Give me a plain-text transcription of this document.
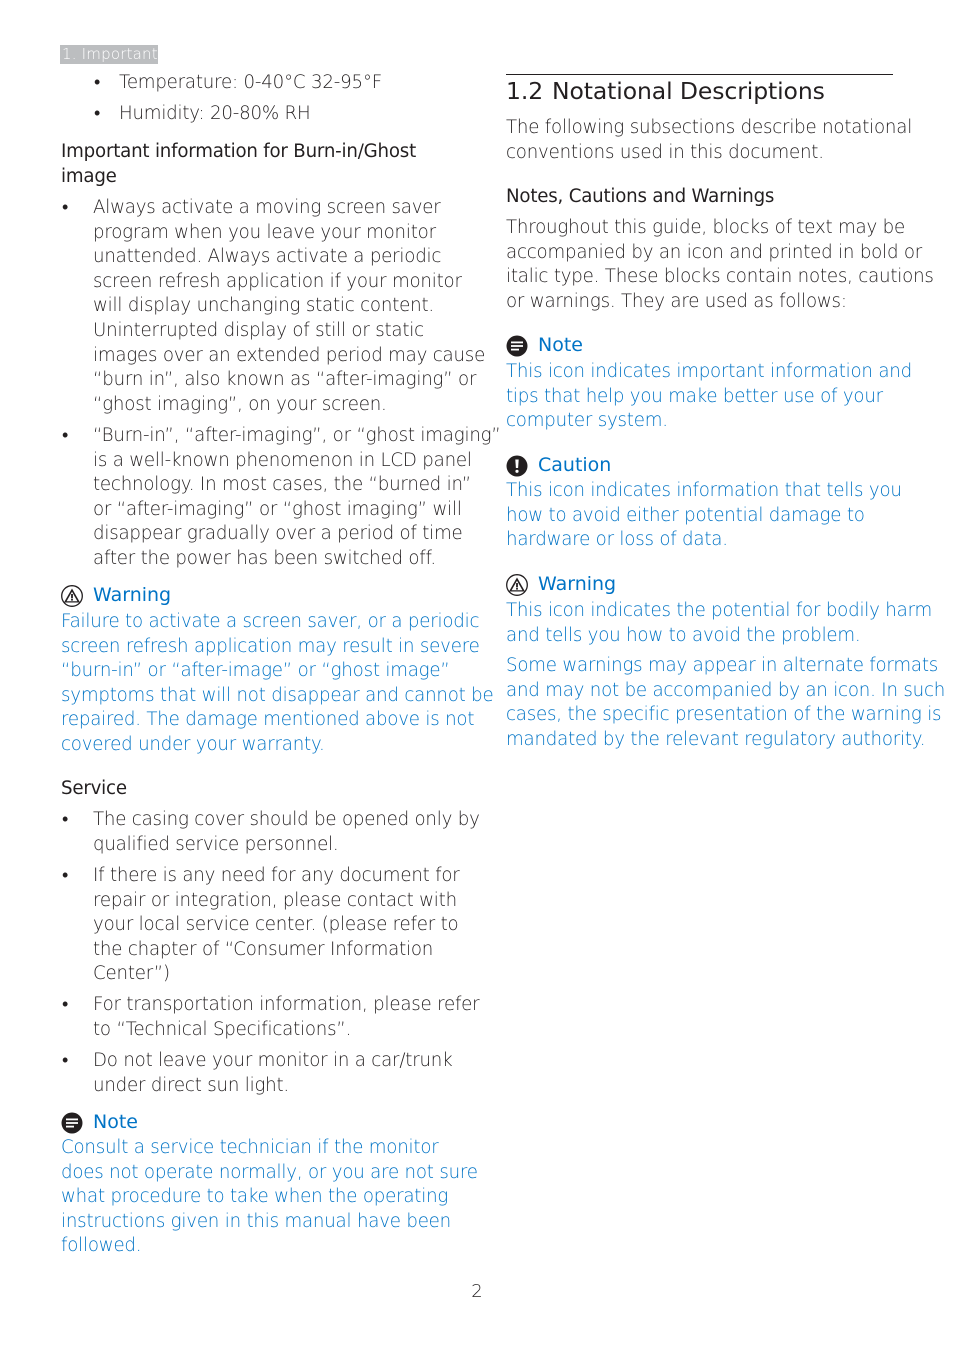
1. Important
• Temperature: 0-40°C 32-95°F

• Humidity: 20-80% RH

Important information for Burn-in/Ghost

image

• Always activate a moving screen saver

program when you leave your monitor

unattended. Always activate a periodic

screen refresh application if your monitor

will display unchanging static content.

Uninterrupted display of still or static

images over an extended period may cause

“burn in”, also known as “after-imaging” or

“ghost imaging”, on your screen.

• “Burn-in”, “after-imaging”, or “ghost imaging”

is a well-known phenomenon in LCD panel

technology. In most cases, the “burned in”

or “after-imaging” or “ghost imaging” will

disappear gradually over a period of time

after the power has been switched off.

Warning

Failure to activate a screen saver, or a periodic

screen refresh application may result in severe

“burn-in” or “after-image” or “ghost image”

symptoms that will not disappear and cannot be

repaired. The damage mentioned above is not

covered under your warranty.

Service

• The casing cover should be opened only by

qualified service personnel.

• If there is any need for any document for

repair or integration, please contact with

your local service center. (please refer to

the chapter of “Consumer Information

Center”)

• For transportation information, please refer

to “Technical Specifications”.

• Do not leave your monitor in a car/trunk

under direct sun light.

Note

Consult a service technician if the monitor

does not operate normally, or you are not sure

what procedure to take when the operating

instructions given in this manual have been

followed.

1.2 Notational Descriptions

The following subsections describe notational

conventions used in this document.

Notes, Cautions and Warnings

Throughout this guide, blocks of text may be

accompanied by an icon and printed in bold or

italic type. These blocks contain notes, cautions

or warnings. They are used as follows:

Note

This icon indicates important information and

tips that help you make better use of your

computer system.

Caution

This icon indicates information that tells you

how to avoid either potential damage to

hardware or loss of data.

Warning

This icon indicates the potential for bodily harm

and tells you how to avoid the problem.

Some warnings may appear in alternate formats

and may not be accompanied by an icon. In such

cases, the specific presentation of the warning is

mandated by the relevant regulatory authority.

2
